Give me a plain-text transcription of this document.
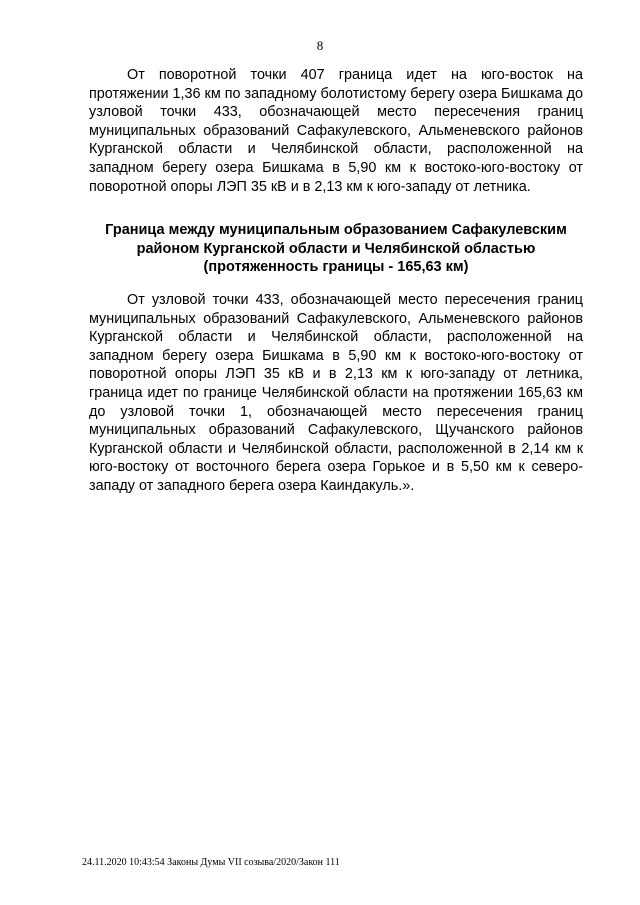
8

От поворотной точки 407 граница идет на юго-восток на протяжении 1,36 км по западному болотистому берегу озера Бишкама до узловой точки 433, обозначающей место пересечения границ муниципальных образований Сафакулевского, Альменевского районов Курганской области и Челябинской области, расположенной на западном берегу озера Бишкама в 5,90 км к востоко-юго-востоку от поворотной опоры ЛЭП 35 кВ и в 2,13 км к юго-западу от летника.

Граница между муниципальным образованием Сафакулевским
районом Курганской области и Челябинской областью
(протяженность границы - 165,63 км)

От узловой точки 433, обозначающей место пересечения границ муниципальных образований Сафакулевского, Альменевского районов Курганской области и Челябинской области, расположенной на западном берегу озера Бишкама в 5,90 км к востоко-юго-востоку от поворотной опоры ЛЭП 35 кВ и в 2,13 км к юго-западу от летника, граница идет по границе Челябинской области на протяжении 165,63 км до узловой точки 1, обозначающей место пересечения границ муниципальных образований Сафакулевского, Щучанского районов Курганской области и Челябинской области, расположенной в 2,14 км к юго-востоку от восточного берега озера Горькое и в 5,50 км к северо-западу от западного берега озера Каиндакуль.».

24.11.2020 10:43:54 Законы Думы VII созыва/2020/Закон 111
